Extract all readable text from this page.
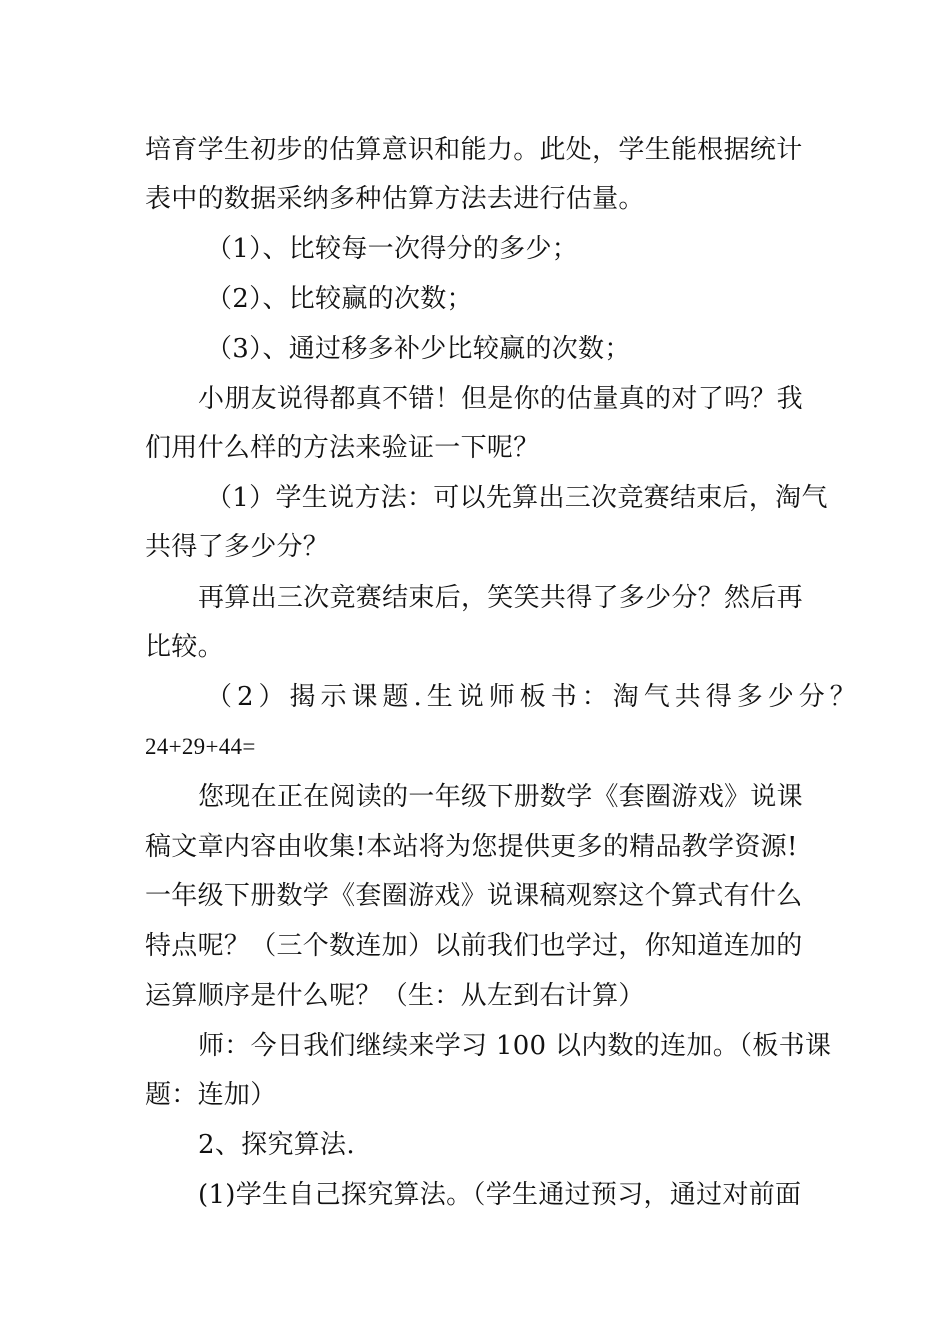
培育学生初步的估算意识和能力。此处，学生能根据统计
表中的数据采纳多种估算方法去进行估量。
（1）、比较每一次得分的多少；
（2）、比较赢的次数；
（3）、通过移多补少比较赢的次数；
小朋友说得都真不错！但是你的估量真的对了吗？我
们用什么样的方法来验证一下呢？
（1）学生说方法：可以先算出三次竞赛结束后，淘气
共得了多少分？
再算出三次竞赛结束后，笑笑共得了多少分？然后再
比较。
（2）揭示课题.生说师板书：淘气共得多少分？
24+29+44=
您现在正在阅读的一年级下册数学《套圈游戏》说课
稿文章内容由收集!本站将为您提供更多的精品教学资源!
一年级下册数学《套圈游戏》说课稿观察这个算式有什么
特点呢？（三个数连加）以前我们也学过，你知道连加的
运算顺序是什么呢？（生：从左到右计算）
师：今日我们继续来学习 100 以内数的连加。（板书课
题：连加）
2、探究算法.
(1)学生自己探究算法。（学生通过预习，通过对前面
